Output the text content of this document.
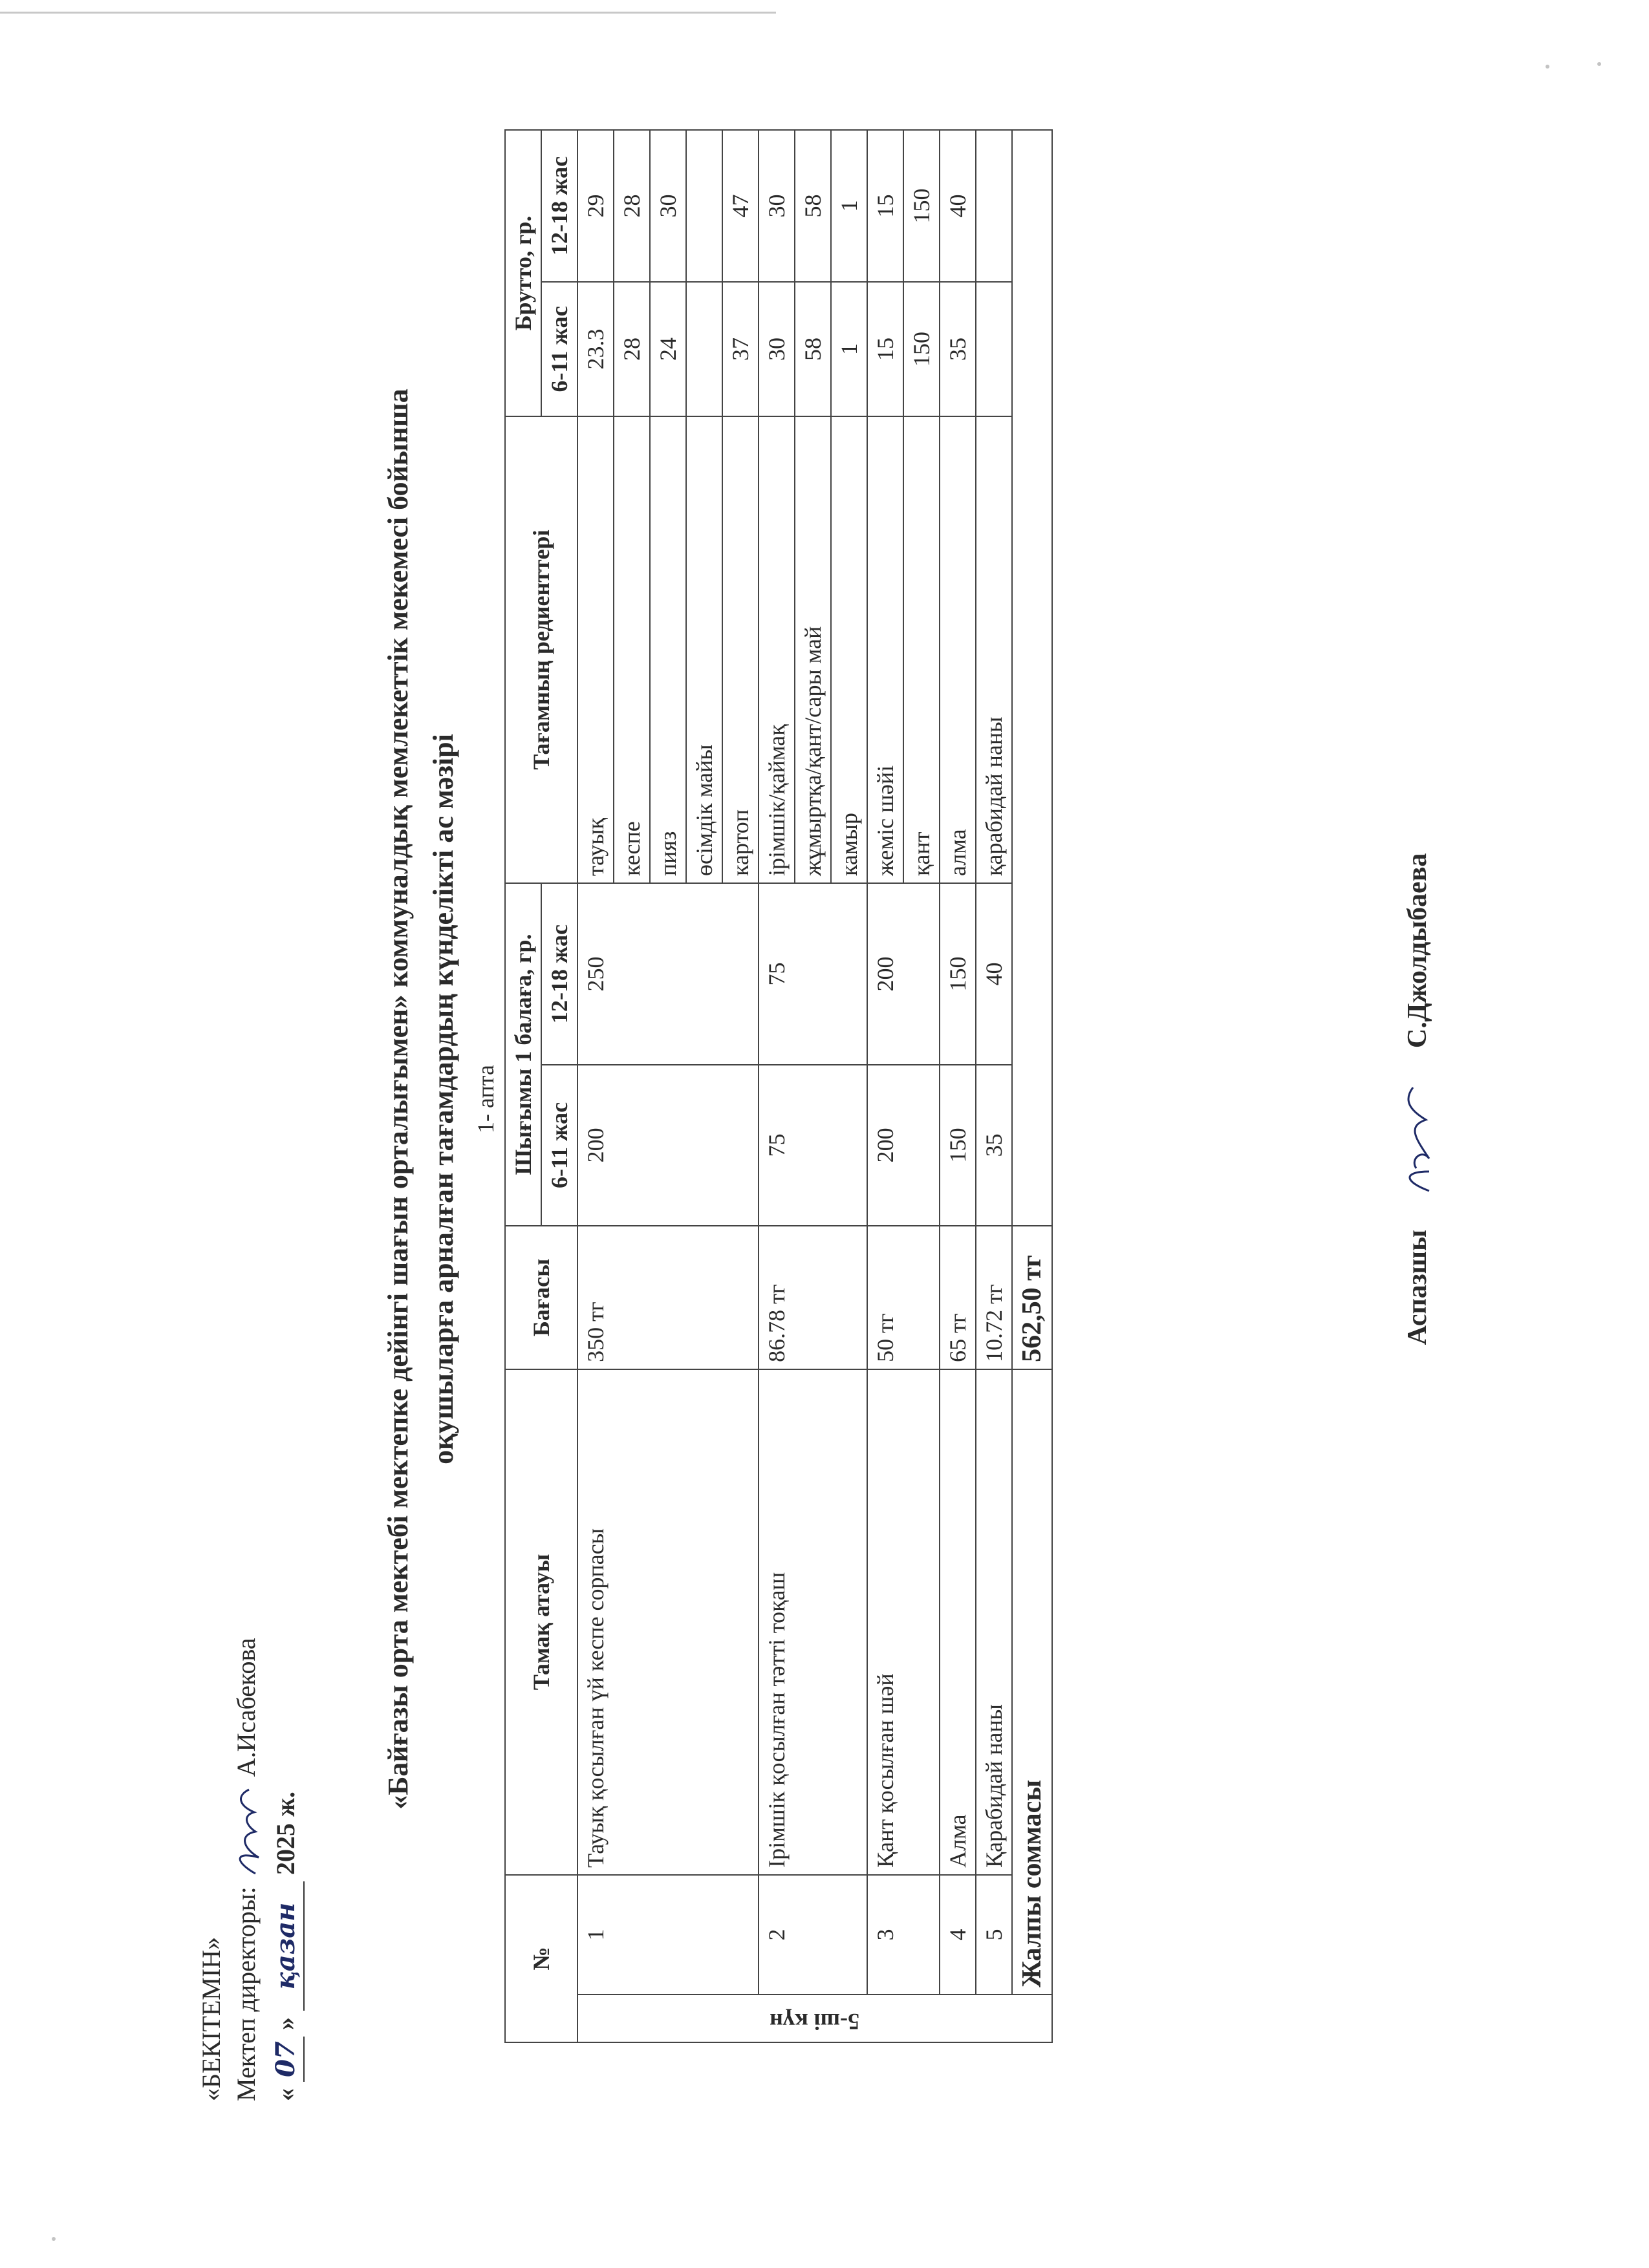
«БЕКІТЕМІН» Мектеп директоры:  А.Исабекова
« 07 » қазан 2025 ж.
«Байғазы орта мектебі мектепке дейінгі шағын орталығымен» коммуналдық мемлекеттік мекемесі бойынша оқушыларға арналған тағамдардың күнделікті ас мәзірі 1- апта
№		Тамақ атауы	Бағасы	Шығымы 1 балаға, гр.		Тағамның редиенттері	Брутто, гр.	
				6-11 жас	12-18 жас		6-11 жас	12-18 жас
5-ші күн	1	Тауық қосылған үй кеспе сорпасы	350 тг	200	250	тауық	23.3	29
						кеспе	28	28
						пияз	24	30
						өсімдік майы		
						картоп	37	47
	2	Ірімшік қосылған тәтті тоқаш	86.78 тг	75	75	ірімшік/қаймақ	30	30
						жұмыртқа/қант/сары май	58	58
						камыр	1	1
	3	Қант қосылған шәй	50 тг	200	200	жеміс шәйі	15	15
						қант	150	150
	4	Алма	65 тг	150	150	алма	35	40
	5	Қарабидай наны	10.72 тг	35	40	қарабидай наны		
	Жалпы соммасы		562,50 тг						Аспазшы  С.Джолдыбаева
